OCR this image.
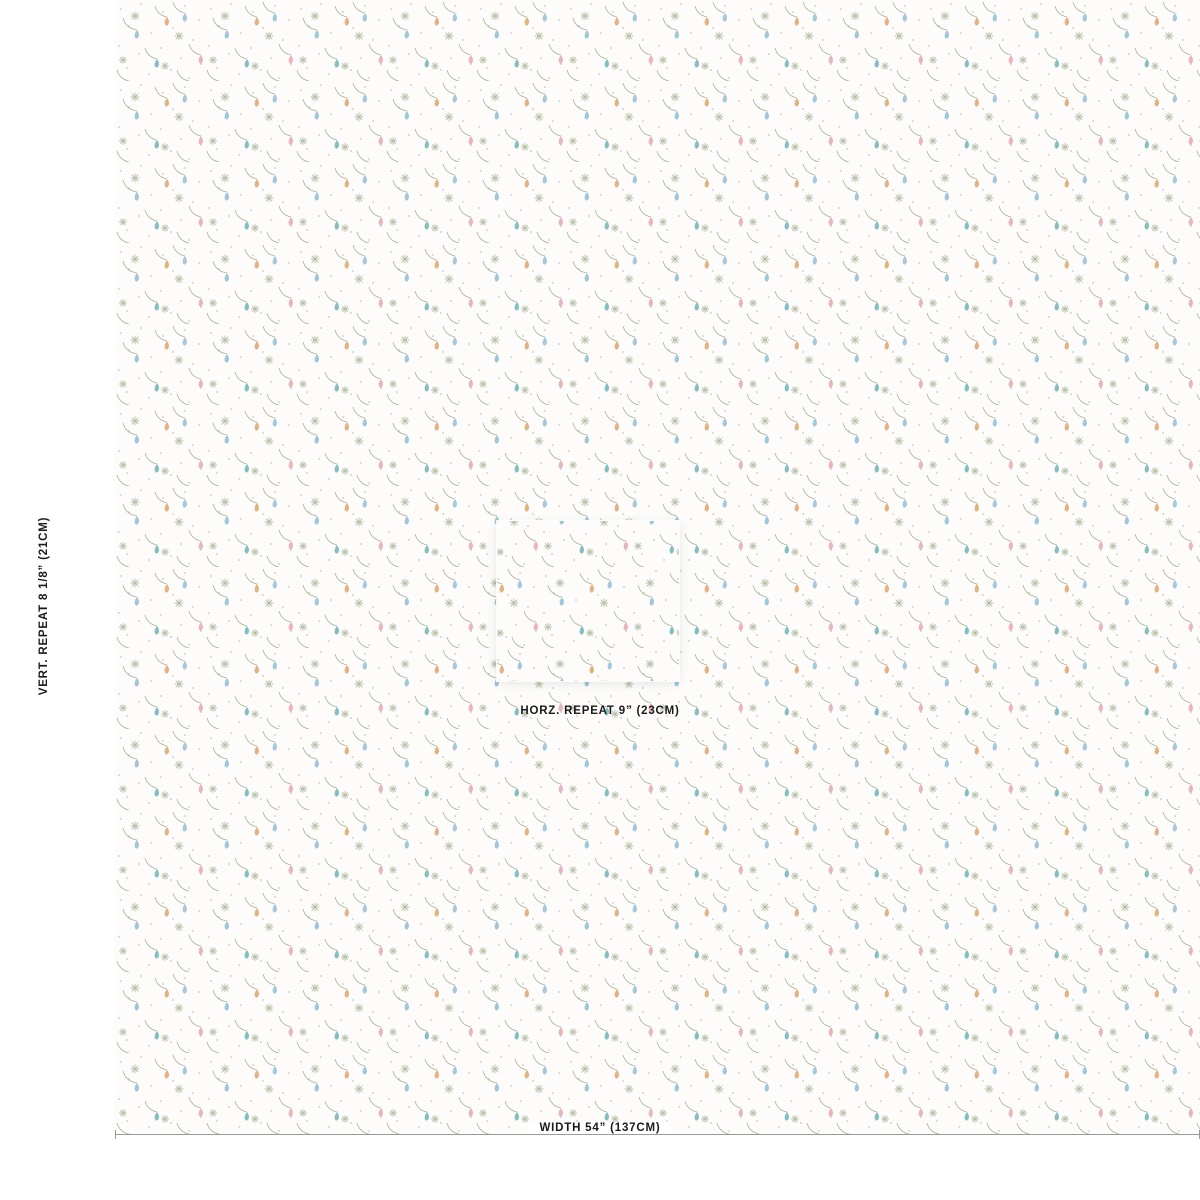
VERT. REPEAT 8 1/8” (21CM)
HORZ. REPEAT 9” (23CM)
WIDTH 54” (137CM)
